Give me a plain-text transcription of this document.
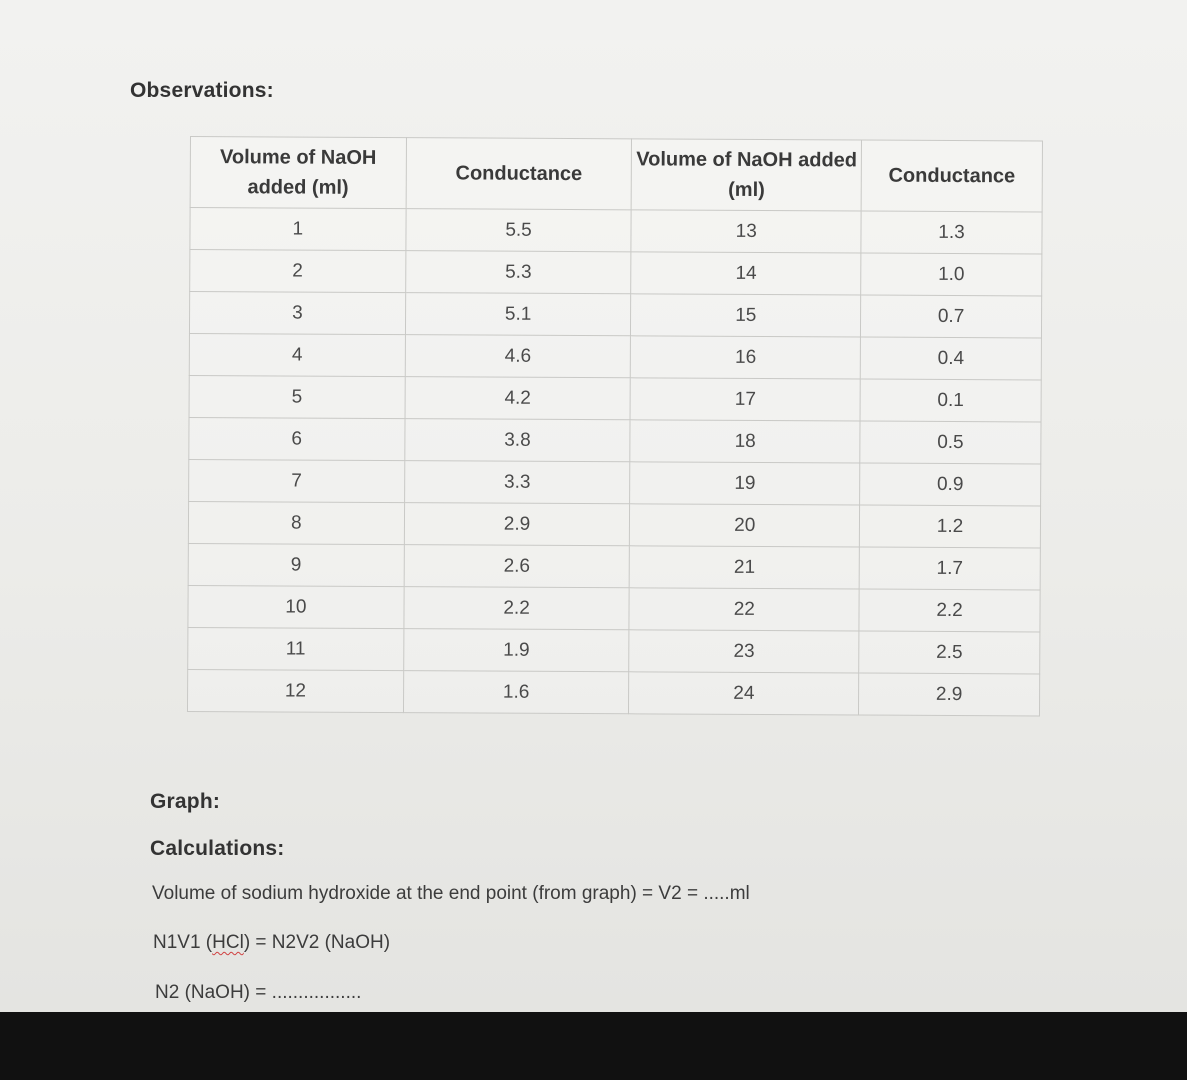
Observations:
Volume of NaOH added (ml)	Conductance	Volume of NaOH added (ml)	Conductance
1	5.5	13	1.3
2	5.3	14	1.0
3	5.1	15	0.7
4	4.6	16	0.4
5	4.2	17	0.1
6	3.8	18	0.5
7	3.3	19	0.9
8	2.9	20	1.2
9	2.6	21	1.7
10	2.2	22	2.2
11	1.9	23	2.5
12	1.6	24	2.9
Graph:
Calculations:
Volume of sodium hydroxide at the end point (from graph) = V2 = .....ml
N1V1 (HCl) = N2V2 (NaOH)
N2 (NaOH) = .................
